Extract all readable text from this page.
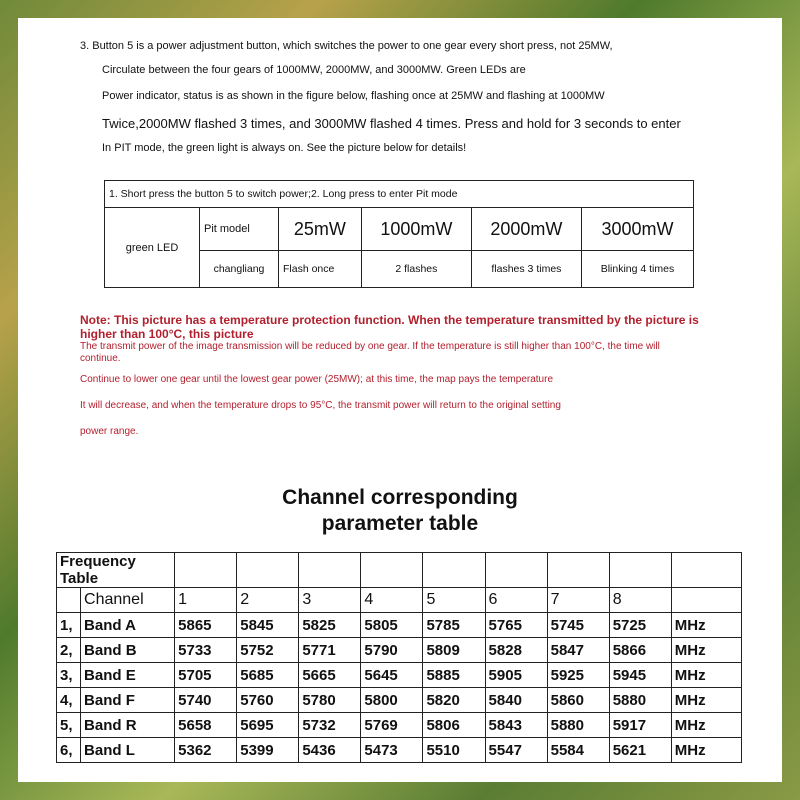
3. Button 5 is a power adjustment button, which switches the power to one gear every short press, not 25MW,
Circulate between the four gears of 1000MW, 2000MW, and 3000MW. Green LEDs are
Power indicator, status is as shown in the figure below, flashing once at 25MW and flashing at 1000MW
Twice,2000MW flashed 3 times, and 3000MW flashed 4 times. Press and hold for 3 seconds to enter
In PIT mode, the green light is always on. See the picture below for details!
1. Short press the button 5 to switch power;2. Long press to enter Pit mode					
green LED	Pit model	25mW	1000mW	2000mW	3000mW
	changliang	Flash once	2 flashes	flashes 3 times	Blinking 4 times
Note: This picture has a temperature protection function. When the temperature transmitted by the picture is higher than 100°C, this picture
The transmit power of the image transmission will be reduced by one gear. If the temperature is still higher than 100°C, the time will continue.
Continue to lower one gear until the lowest gear power (25MW); at this time, the map pays the temperature
It will decrease, and when the temperature drops to 95°C, the transmit power will return to the original setting
power range.
Channel corresponding
parameter table
Frequency Table										
	Channel	1	2	3	4	5	6	7	8	
1,	Band A	5865	5845	5825	5805	5785	5765	5745	5725	MHz
2,	Band B	5733	5752	5771	5790	5809	5828	5847	5866	MHz
3,	Band E	5705	5685	5665	5645	5885	5905	5925	5945	MHz
4,	Band F	5740	5760	5780	5800	5820	5840	5860	5880	MHz
5,	Band R	5658	5695	5732	5769	5806	5843	5880	5917	MHz
6,	Band L	5362	5399	5436	5473	5510	5547	5584	5621	MHz
